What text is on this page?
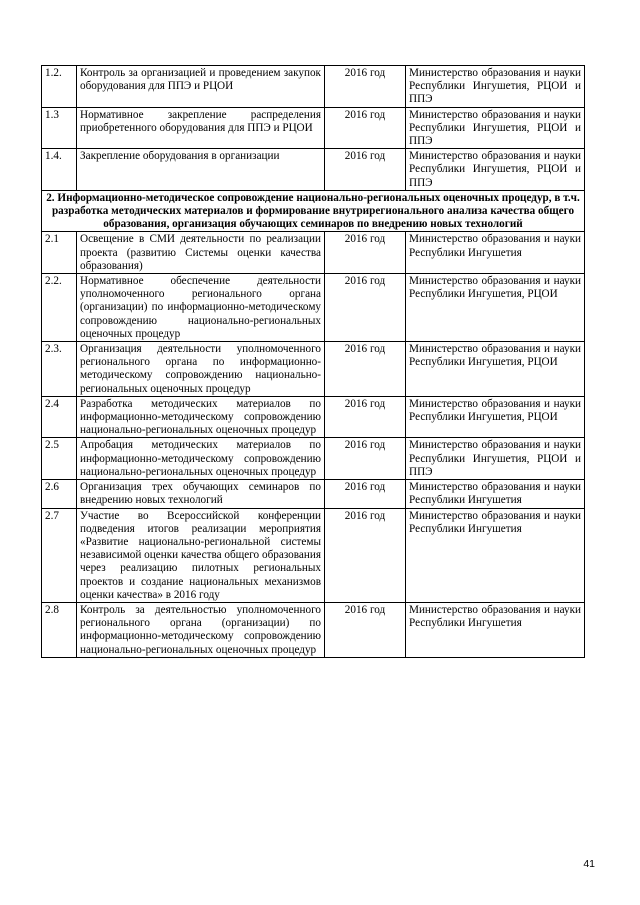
1.2.	Контроль за организацией и проведением закупок оборудования для ППЭ и РЦОИ	2016 год	Министерство образования и науки Республики Ингушетия, РЦОИ и ППЭ
1.3	Нормативное закрепление распределения приобретенного оборудования для ППЭ и РЦОИ	2016 год	Министерство образования и науки Республики Ингушетия, РЦОИ и ППЭ
1.4.	Закрепление оборудования в организации	2016 год	Министерство образования и науки Республики Ингушетия, РЦОИ и ППЭ
2. Информационно-методическое сопровождение национально-региональных оценочных процедур, в т.ч. разработка методических материалов и формирование внутрирегионального анализа качества общего образования, организация обучающих семинаров по внедрению новых технологий			
2.1	Освещение в СМИ деятельности по реализации проекта (развитию Системы оценки качества образования)	2016 год	Министерство образования и науки Республики Ингушетия
2.2.	Нормативное обеспечение деятельности уполномоченного регионального органа (организации) по информационно-методическому сопровождению национально-региональных оценочных процедур	2016 год	Министерство образования и науки Республики Ингушетия, РЦОИ
2.3.	Организация деятельности уполномоченного регионального органа по информационно-методическому сопровождению национально-региональных оценочных процедур	2016 год	Министерство образования и науки Республики Ингушетия, РЦОИ
2.4	Разработка методических материалов по информационно-методическому сопровождению национально-региональных оценочных процедур	2016 год	Министерство образования и науки Республики Ингушетия, РЦОИ
2.5	Апробация методических материалов по информационно-методическому сопровождению национально-региональных оценочных процедур	2016 год	Министерство образования и науки Республики Ингушетия, РЦОИ и ППЭ
2.6	Организация трех обучающих семинаров по внедрению новых технологий	2016 год	Министерство образования и науки Республики Ингушетия
2.7	Участие во Всероссийской конференции подведения итогов реализации мероприятия «Развитие национально-региональной системы независимой оценки качества общего образования через реализацию пилотных региональных проектов и создание национальных механизмов оценки качества» в 2016 году	2016 год	Министерство образования и науки Республики Ингушетия
2.8	Контроль за деятельностью уполномоченного регионального органа (организации) по информационно-методическому сопровождению национально-региональных оценочных процедур	2016 год	Министерство образования и науки Республики Ингушетия
41
